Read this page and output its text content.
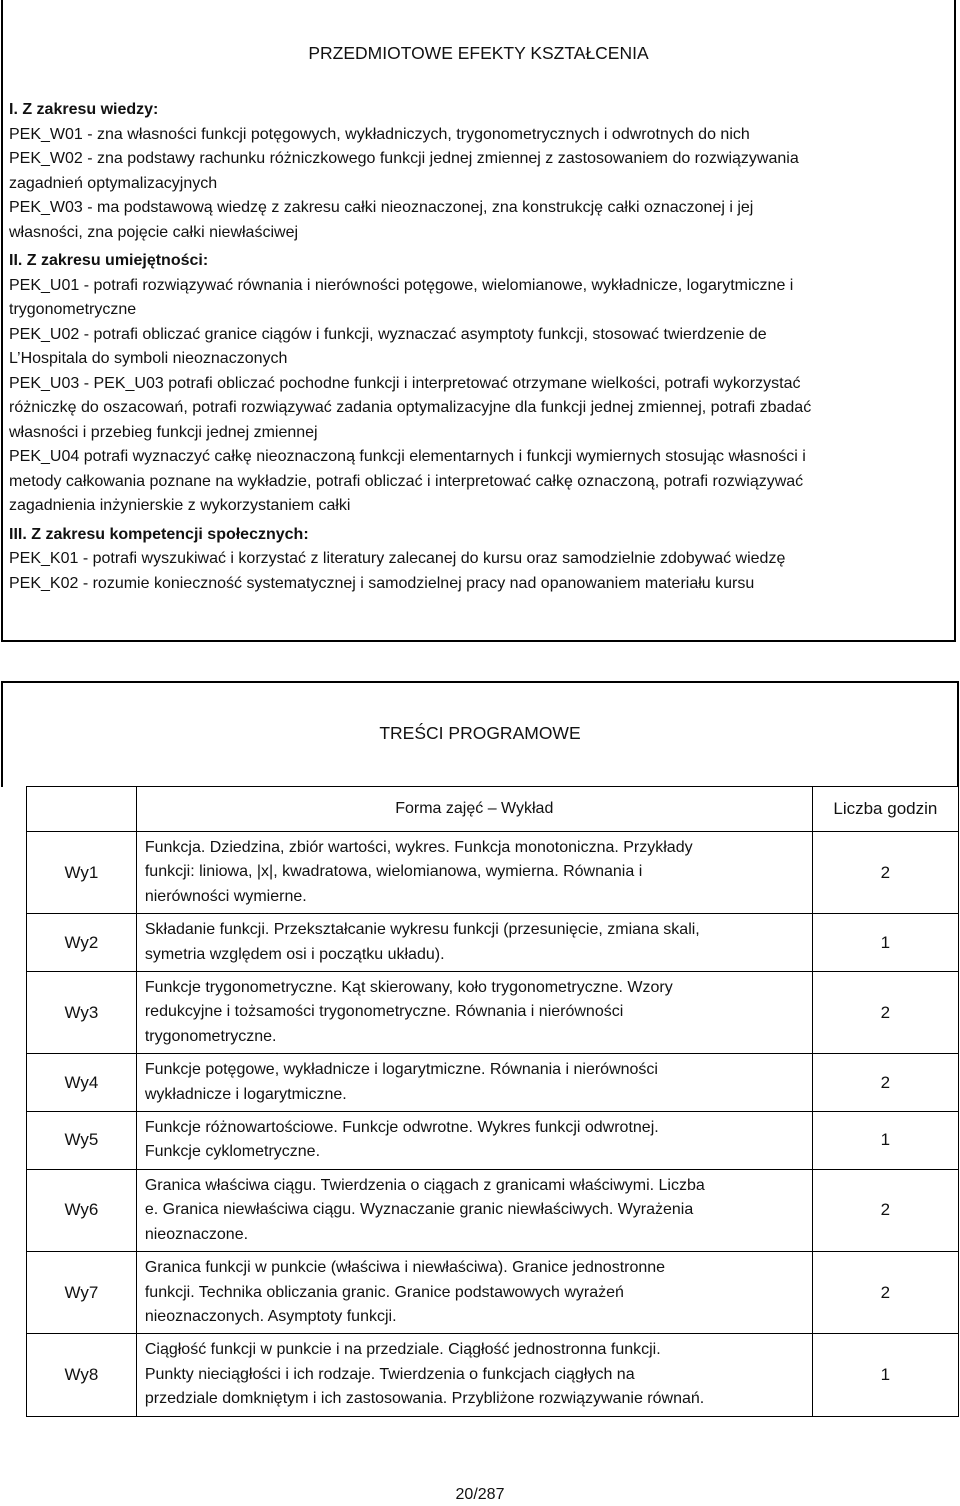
PRZEDMIOTOWE EFEKTY KSZTAŁCENIA
I. Z zakresu wiedzy:
PEK_W01 - zna własności funkcji potęgowych, wykładniczych, trygonometrycznych i odwrotnych do nich
PEK_W02 - zna podstawy rachunku różniczkowego funkcji jednej zmiennej z zastosowaniem do rozwiązywania
zagadnień optymalizacyjnych
PEK_W03 - ma podstawową wiedzę z zakresu całki nieoznaczonej, zna konstrukcję całki oznaczonej i jej
własności, zna pojęcie całki niewłaściwej
II. Z zakresu umiejętności:
PEK_U01 - potrafi rozwiązywać równania i nierówności potęgowe, wielomianowe, wykładnicze, logarytmiczne i
trygonometryczne
PEK_U02 - potrafi obliczać granice ciągów i funkcji, wyznaczać asymptoty funkcji, stosować twierdzenie de
L’Hospitala do symboli nieoznaczonych
PEK_U03 - PEK_U03 potrafi obliczać pochodne funkcji i interpretować otrzymane wielkości, potrafi wykorzystać
różniczkę do oszacowań, potrafi rozwiązywać zadania optymalizacyjne dla funkcji jednej zmiennej, potrafi zbadać
własności i przebieg funkcji jednej zmiennej
PEK_U04 potrafi wyznaczyć całkę nieoznaczoną funkcji elementarnych i funkcji wymiernych stosując własności i
metody całkowania poznane na wykładzie, potrafi obliczać i interpretować całkę oznaczoną, potrafi rozwiązywać
zagadnienia inżynierskie z wykorzystaniem całki
III. Z zakresu kompetencji społecznych:
PEK_K01 - potrafi wyszukiwać i korzystać z literatury zalecanej do kursu oraz samodzielnie zdobywać wiedzę
PEK_K02 - rozumie konieczność systematycznej i samodzielnej pracy nad opanowaniem materiału kursu
TREŚCI PROGRAMOWE
	Forma zajęć – Wykład	Liczba godzin
Wy1	Funkcja. Dziedzina, zbiór wartości, wykres. Funkcja monotoniczna. Przykłady
funkcji: liniowa, |x|, kwadratowa, wielomianowa, wymierna. Równania i
nierówności wymierne.	2
Wy2	Składanie funkcji. Przekształcanie wykresu funkcji (przesunięcie, zmiana skali,
symetria względem osi i początku układu).	1
Wy3	Funkcje trygonometryczne. Kąt skierowany, koło trygonometryczne. Wzory
redukcyjne i tożsamości trygonometryczne. Równania i nierówności
trygonometryczne.	2
Wy4	Funkcje potęgowe, wykładnicze i logarytmiczne. Równania i nierówności
wykładnicze i logarytmiczne.	2
Wy5	Funkcje różnowartościowe. Funkcje odwrotne. Wykres funkcji odwrotnej.
Funkcje cyklometryczne.	1
Wy6	Granica właściwa ciągu. Twierdzenia o ciągach z granicami właściwymi. Liczba
e. Granica niewłaściwa ciągu. Wyznaczanie granic niewłaściwych. Wyrażenia
nieoznaczone.	2
Wy7	Granica funkcji w punkcie (właściwa i niewłaściwa). Granice jednostronne
funkcji. Technika obliczania granic. Granice podstawowych wyrażeń
nieoznaczonych. Asymptoty funkcji.	2
Wy8	Ciągłość funkcji w punkcie i na przedziale. Ciągłość jednostronna funkcji.
Punkty nieciągłości i ich rodzaje. Twierdzenia o funkcjach ciągłych na
przedziale domkniętym i ich zastosowania. Przybliżone rozwiązywanie równań.	1
20/287
